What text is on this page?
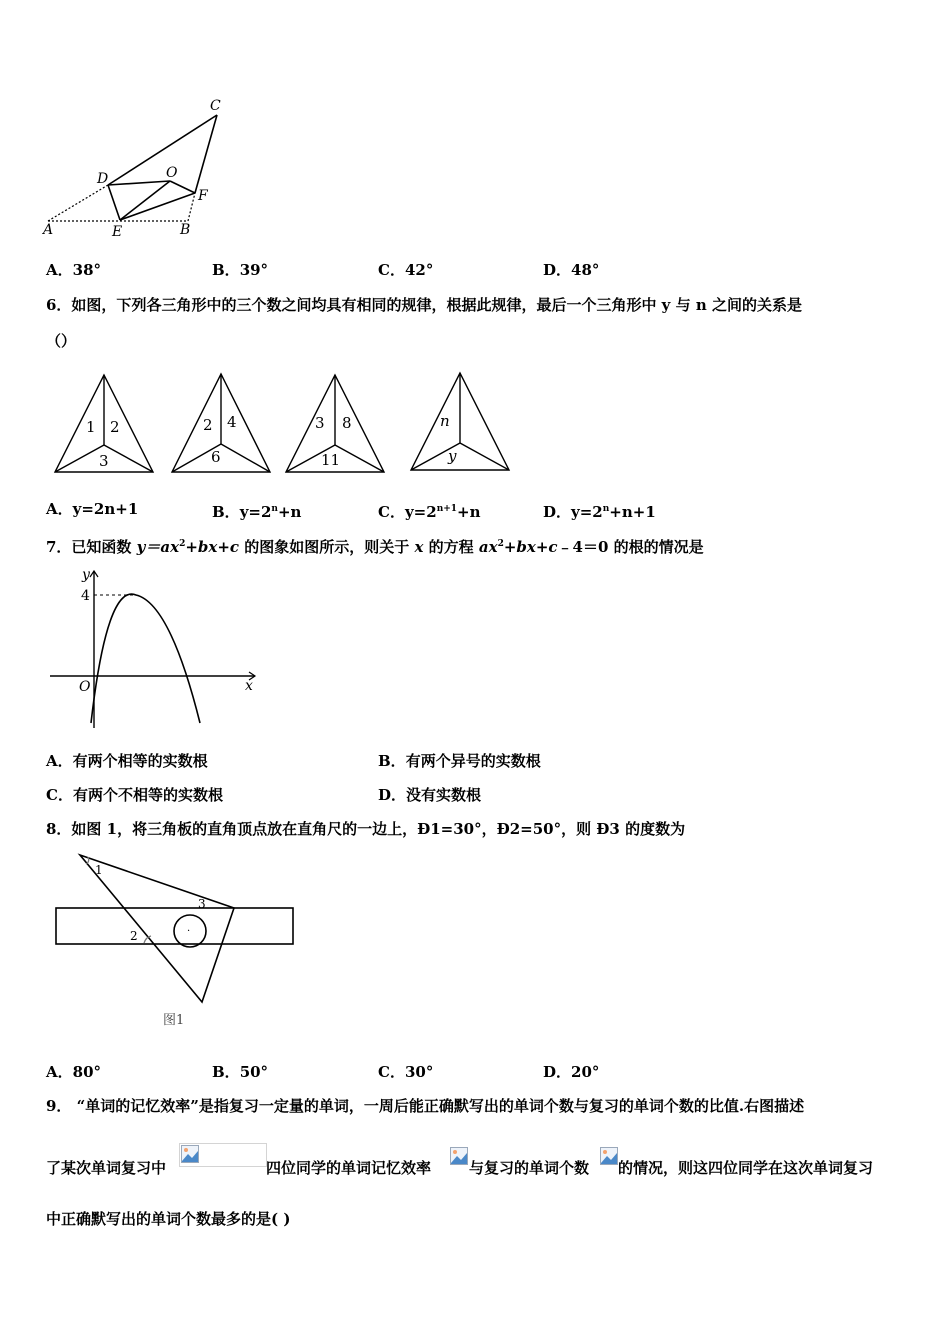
C
D	O
F
A	E	B
A．38°	B．39°	C．42°	D．48°
6．如图，下列各三角形中的三个数之间均具有相同的规律，根据此规律，最后一个三角形中 y 与 n 之间的关系是
（）
1 2
3
2 4
6
3 8
11
n
y
A．y=2n+1	B．$y=2^n+n$	C．$y=2^{n+1}+n$	D．$y=2^n+n+1$
7．已知函数 $y=ax^2+bx+c$ 的图象如图所示，则关于 x 的方程 $ax^2+bx+c﹣4=0$ 的根的情况是
y
4
O	x
A．有两个相等的实数根	B．有两个异号的实数根
C．有两个不相等的实数根	D．没有实数根
8．如图 1，将三角板的直角顶点放在直角尺的一边上，Ð1=30°，Ð2=50°，则 Ð3 的度数为
1
2
3
·
图1
A．80°	B．50°	C．30°	D．20°
9． “单词的记忆效率”是指复习一定量的单词，一周后能正确默写出的单词个数与复习的单词个数的比值.右图描述
了某次单词复习中	四位同学的单词记忆效率	与复习的单词个数 的情况，则这四位同学在这次单词复习
中正确默写出的单词个数最多的是( )
